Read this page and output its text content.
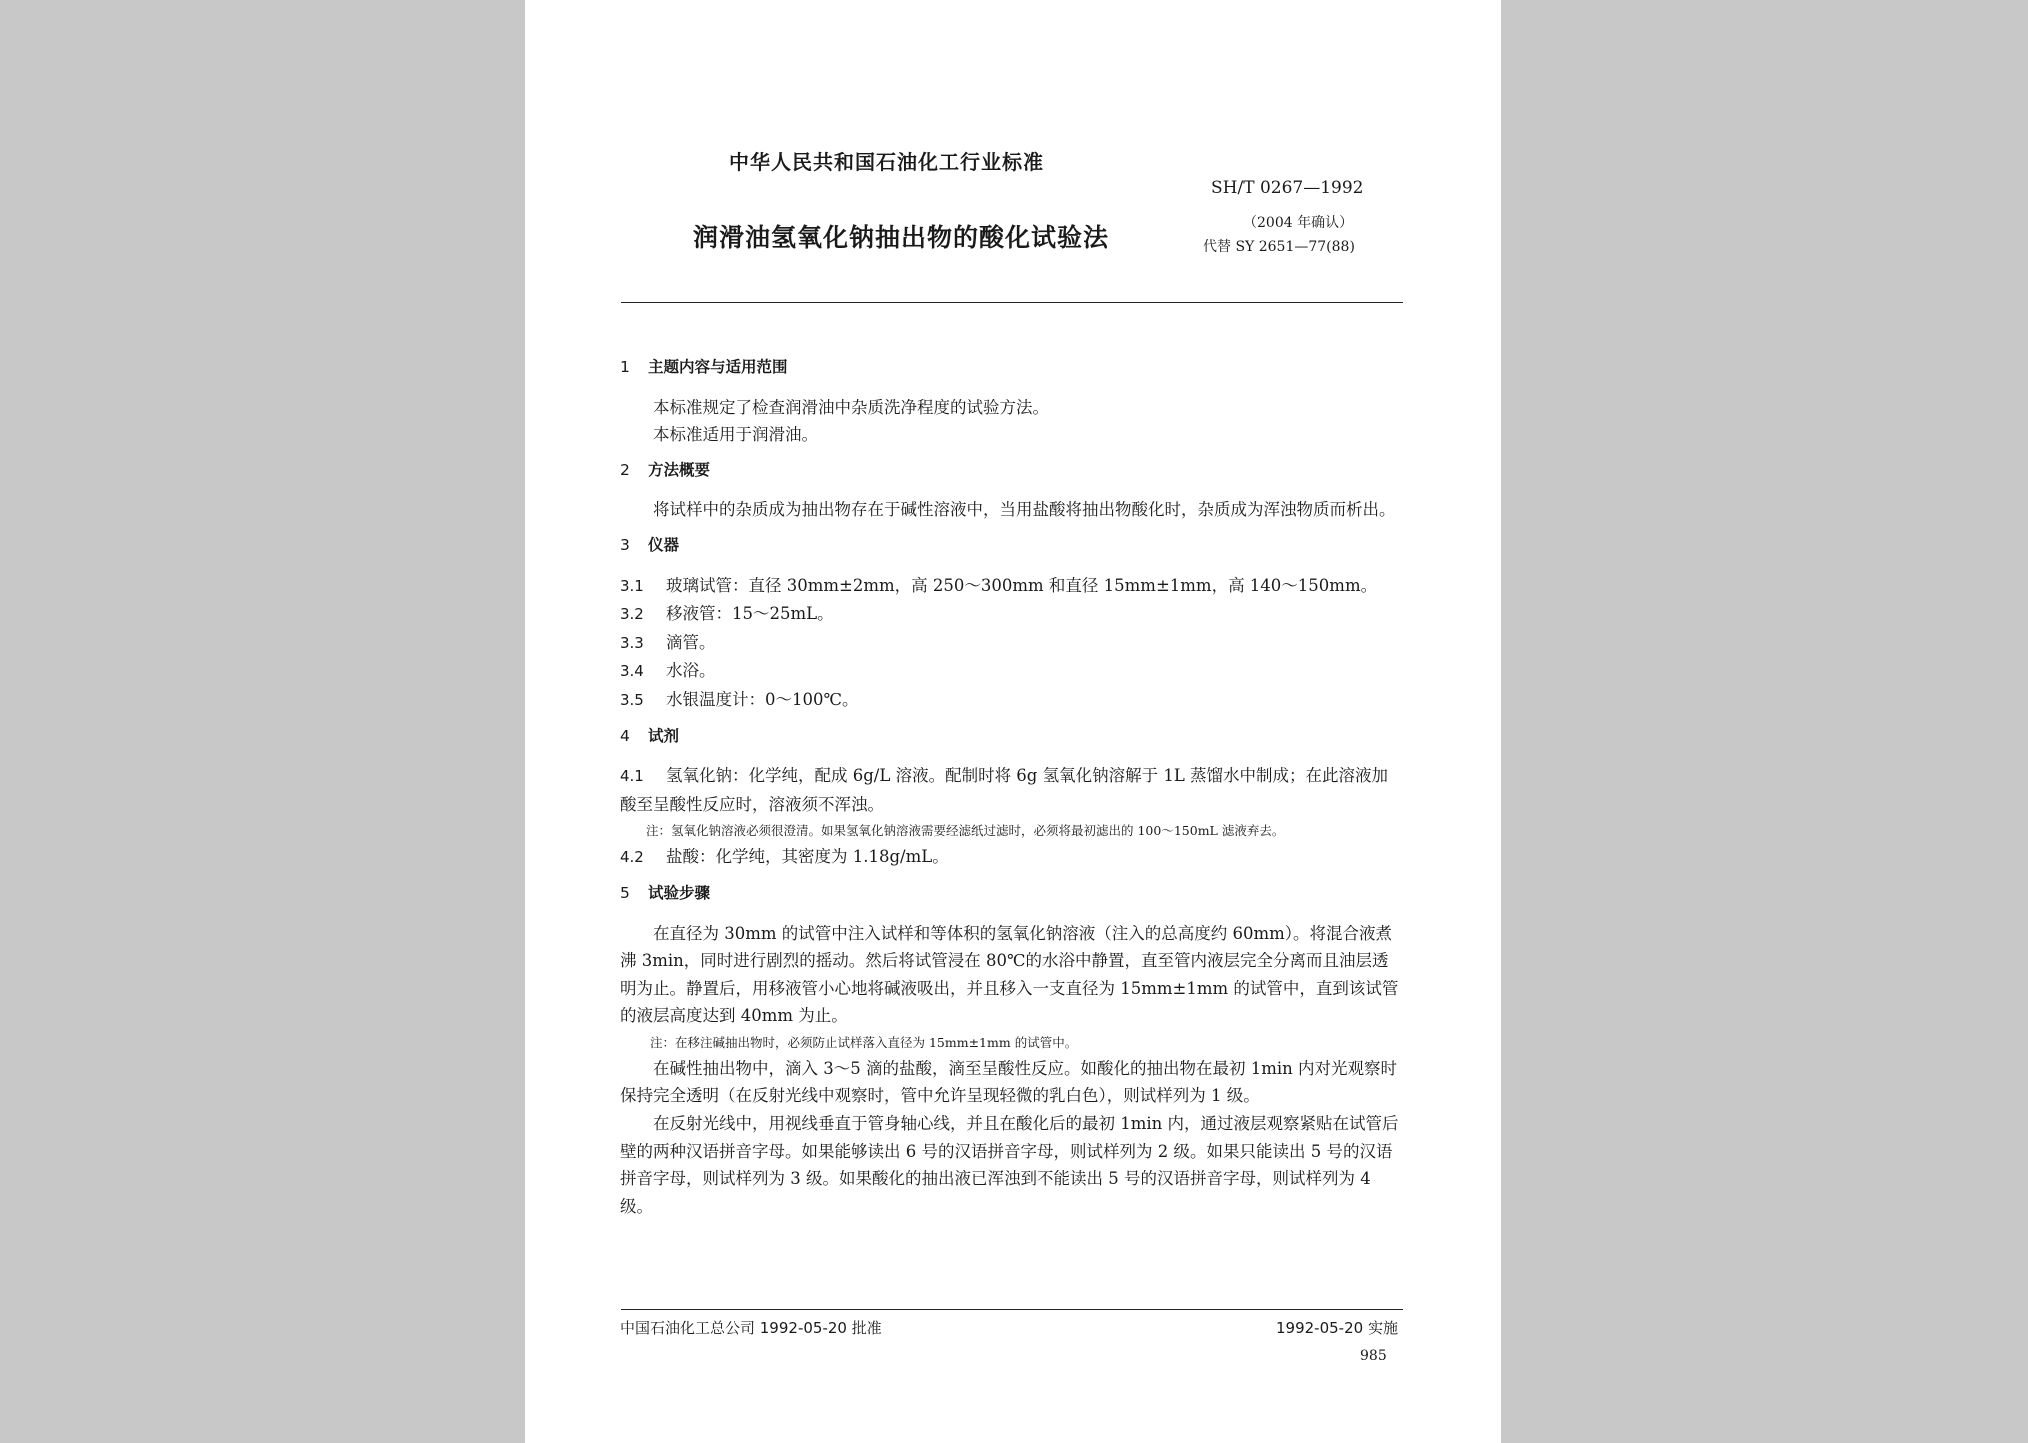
中华人民共和国石油化工行业标准
润滑油氢氧化钠抽出物的酸化试验法
SH/T 0267—1992
（2004 年确认）
代替 SY 2651—77(88)
1 主题内容与适用范围

本标准规定了检查润滑油中杂质洗净程度的试验方法。

本标准适用于润滑油。

2 方法概要

将试样中的杂质成为抽出物存在于碱性溶液中，当用盐酸将抽出物酸化时，杂质成为浑浊物质而析出。

3 仪器
3.1 玻璃试管：直径 30mm±2mm，高 250～300mm 和直径 15mm±1mm，高 140～150mm。
3.2 移液管：15～25mL。
3.3 滴管。
3.4 水浴。
3.5 水银温度计：0～100℃。
4 试剂
4.1 氢氧化钠：化学纯，配成 6g/L 溶液。配制时将 6g 氢氧化钠溶解于 1L 蒸馏水中制成；在此溶液加酸至呈酸性反应时，溶液须不浑浊。
注：氢氧化钠溶液必须很澄清。如果氢氧化钠溶液需要经滤纸过滤时，必须将最初滤出的 100～150mL 滤液弃去。
4.2 盐酸：化学纯，其密度为 1.18g/mL。
5 试验步骤

在直径为 30mm 的试管中注入试样和等体积的氢氧化钠溶液（注入的总高度约 60mm）。将混合液煮沸 3min，同时进行剧烈的摇动。然后将试管浸在 80℃的水浴中静置，直至管内液层完全分离而且油层透明为止。静置后，用移液管小心地将碱液吸出，并且移入一支直径为 15mm±1mm 的试管中，直到该试管的液层高度达到 40mm 为止。

注：在移注碱抽出物时，必须防止试样落入直径为 15mm±1mm 的试管中。

在碱性抽出物中，滴入 3～5 滴的盐酸，滴至呈酸性反应。如酸化的抽出物在最初 1min 内对光观察时保持完全透明（在反射光线中观察时，管中允许呈现轻微的乳白色），则试样列为 1 级。

在反射光线中，用视线垂直于管身轴心线，并且在酸化后的最初 1min 内，通过液层观察紧贴在试管后壁的两种汉语拼音字母。如果能够读出 6 号的汉语拼音字母，则试样列为 2 级。如果只能读出 5 号的汉语拼音字母，则试样列为 3 级。如果酸化的抽出液已浑浊到不能读出 5 号的汉语拼音字母，则试样列为 4 级。

中国石油化工总公司 1992-05-20 批准	1992-05-20 实施
985
